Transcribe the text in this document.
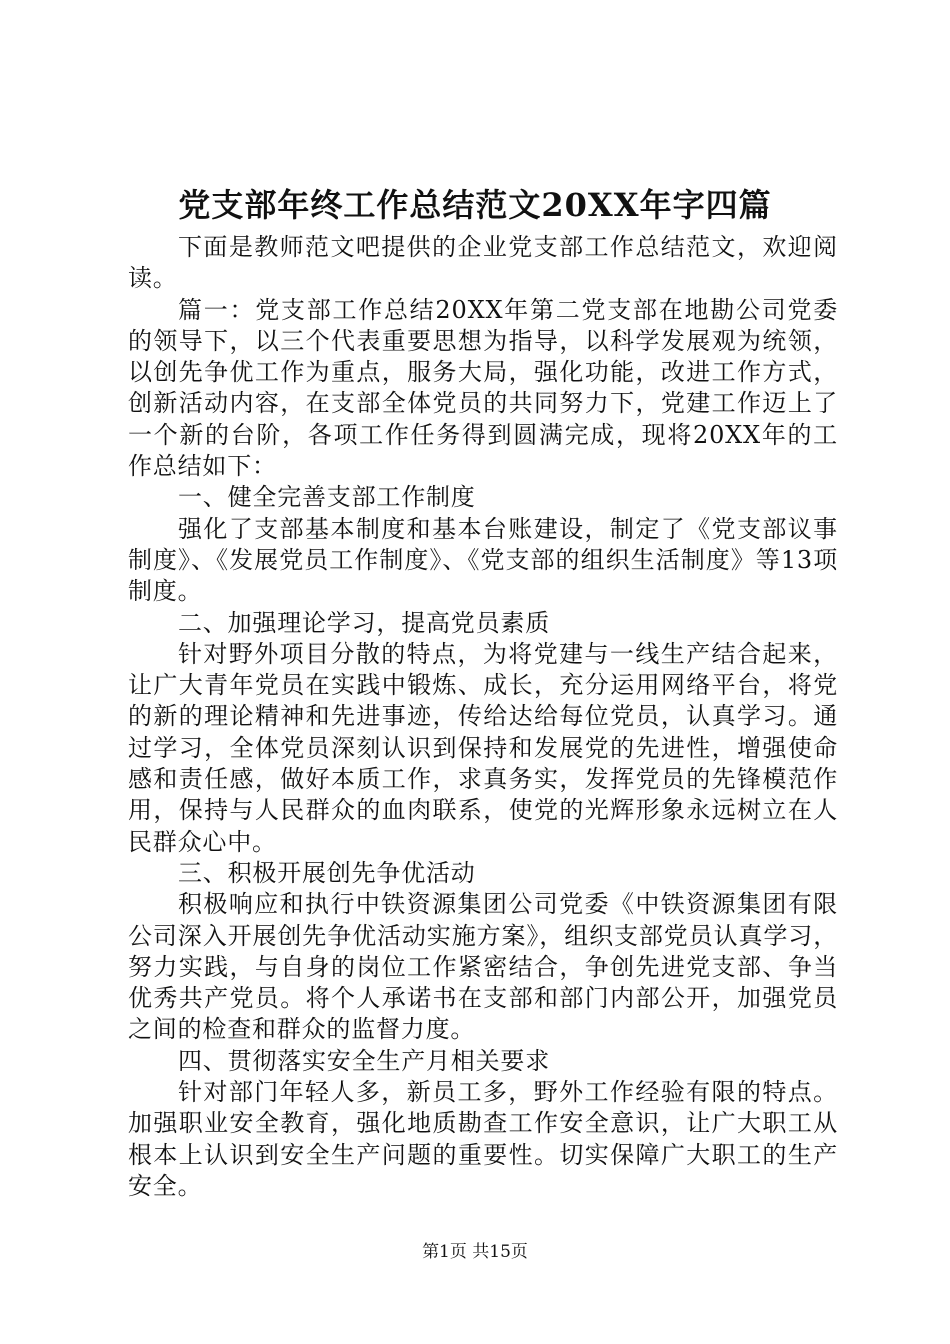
党支部年终工作总结范文20XX年字四篇

下面是教师范文吧提供的企业党支部工作总结范文，欢迎阅读。

篇一：党支部工作总结20XX年第二党支部在地勘公司党委的领导下，以三个代表重要思想为指导，以科学发展观为统领，以创先争优工作为重点，服务大局，强化功能，改进工作方式，创新活动内容，在支部全体党员的共同努力下，党建工作迈上了一个新的台阶，各项工作任务得到圆满完成，现将20XX年的工作总结如下：

一、健全完善支部工作制度

强化了支部基本制度和基本台账建设，制定了《党支部议事制度》、《发展党员工作制度》、《党支部的组织生活制度》等13项制度。

二、加强理论学习，提高党员素质

针对野外项目分散的特点，为将党建与一线生产结合起来，让广大青年党员在实践中锻炼、成长，充分运用网络平台，将党的新的理论精神和先进事迹，传给达给每位党员，认真学习。通过学习，全体党员深刻认识到保持和发展党的先进性，增强使命感和责任感，做好本质工作，求真务实，发挥党员的先锋模范作用，保持与人民群众的血肉联系，使党的光辉形象永远树立在人民群众心中。

三、积极开展创先争优活动

积极响应和执行中铁资源集团公司党委《中铁资源集团有限公司深入开展创先争优活动实施方案》，组织支部党员认真学习，努力实践，与自身的岗位工作紧密结合，争创先进党支部、争当优秀共产党员。将个人承诺书在支部和部门内部公开，加强党员之间的检查和群众的监督力度。

四、贯彻落实安全生产月相关要求

针对部门年轻人多，新员工多，野外工作经验有限的特点。加强职业安全教育，强化地质勘查工作安全意识，让广大职工从根本上认识到安全生产问题的重要性。切实保障广大职工的生产安全。

第1页 共15页
